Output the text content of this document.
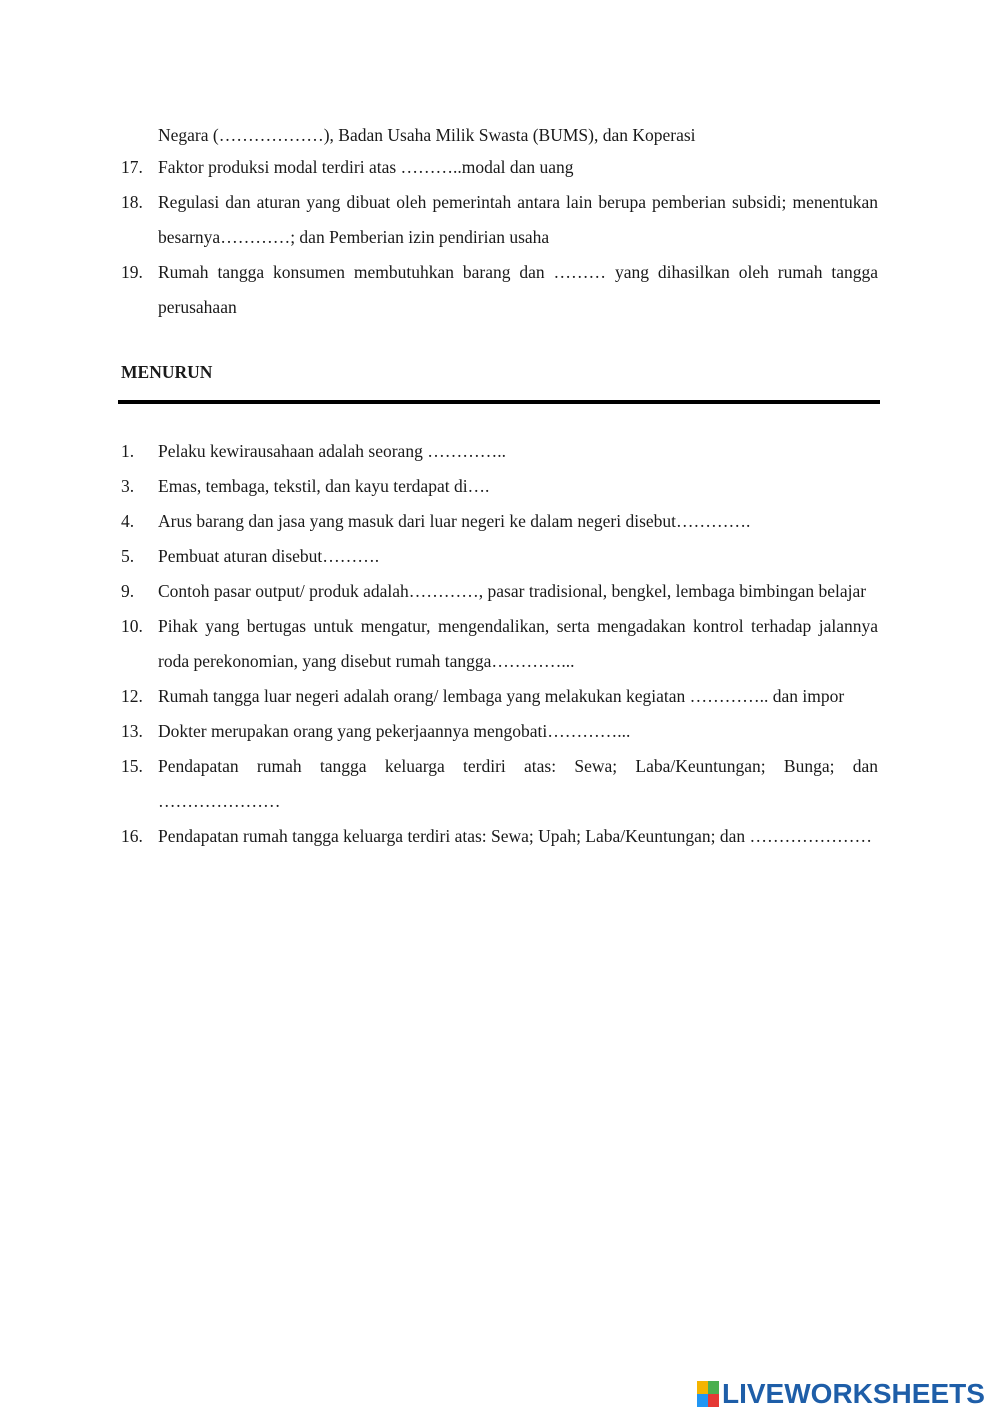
Negara (………………), Badan Usaha Milik Swasta (BUMS), dan Koperasi
17. Faktor produksi modal terdiri atas ………..modal dan uang
18. Regulasi dan aturan yang dibuat oleh pemerintah antara lain berupa pemberian subsidi; menentukan besarnya…………; dan Pemberian izin pendirian usaha
19. Rumah tangga konsumen membutuhkan barang dan ……… yang dihasilkan oleh rumah tangga perusahaan
MENURUN
1. Pelaku kewirausahaan adalah seorang …………..
3. Emas, tembaga, tekstil, dan kayu terdapat di….
4. Arus barang dan jasa yang masuk dari luar negeri ke dalam negeri disebut………….
5. Pembuat aturan disebut……….
9. Contoh pasar output/ produk adalah…………, pasar tradisional, bengkel, lembaga bimbingan belajar
10. Pihak yang bertugas untuk mengatur, mengendalikan, serta mengadakan kontrol terhadap jalannya roda perekonomian, yang disebut rumah tangga…………...
12. Rumah tangga luar negeri adalah orang/ lembaga yang melakukan kegiatan ………….. dan impor
13. Dokter merupakan orang yang pekerjaannya mengobati…………...
15. Pendapatan rumah tangga keluarga terdiri atas: Sewa; Laba/Keuntungan; Bunga; dan …………………
16. Pendapatan rumah tangga keluarga terdiri atas: Sewa; Upah; Laba/Keuntungan; dan …………………
LIVEWORKSHEETS
